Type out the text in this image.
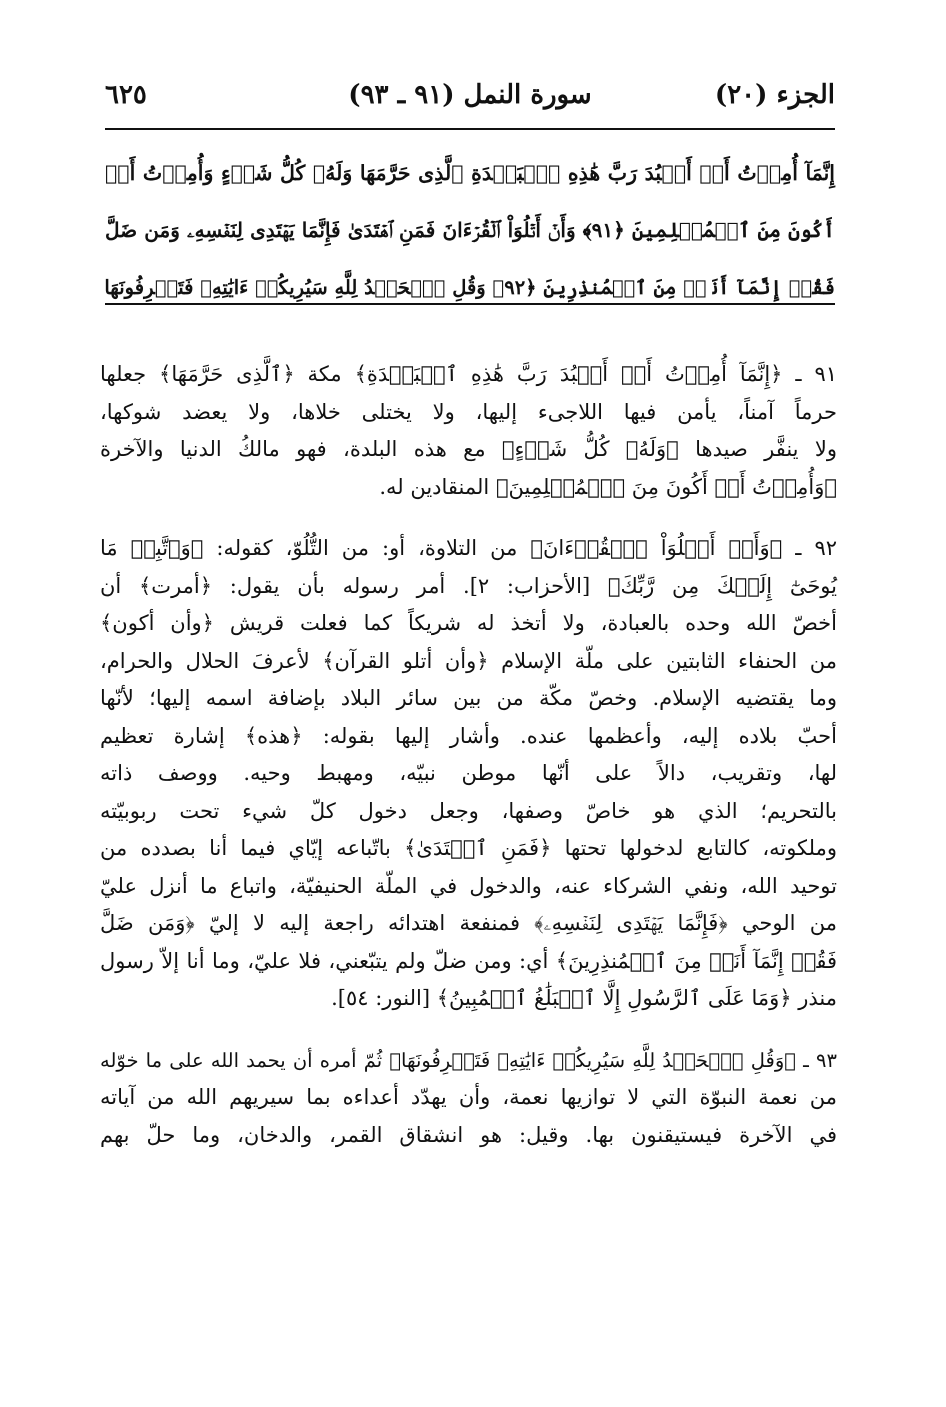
الجزء (٢٠)
سورة النمل (٩١ ـ ٩٣)
٦٢٥
إِنَّمَآ أُمِرۡتُ أَنۡ أَعۡبُدَ رَبَّ هَٰذِهِ ٱلۡبَلۡدَةِ ٱلَّذِى حَرَّمَهَا وَلَهُۥ كُلُّ شَىۡءٍ وَأُمِرۡتُ أَنۡ
أَكُونَ مِنَ ٱلۡمُسۡلِمِينَ ﴿٩١﴾ وَأَنۡ أَتۡلُوَاْ ٱلۡقُرۡءَانَ فَمَنِ ٱهۡتَدَىٰ فَإِنَّمَا يَهۡتَدِى لِنَفۡسِهِۦ وَمَن ضَلَّ
فَقُلۡ إِنَّمَآ أَنَا۠ مِنَ ٱلۡمُنذِرِينَ ﴿٩٢﴾ وَقُلِ ٱلۡحَمۡدُ لِلَّهِ سَيُرِيكُمۡ ءَايَٰتِهِۦ فَتَعۡرِفُونَهَا
٩١ ـ ﴿إِنَّمَآ أُمِرۡتُ أَنۡ أَعۡبُدَ رَبَّ هَٰذِهِ ٱلۡبَلۡدَةِ﴾ مكة ﴿ٱلَّذِى حَرَّمَهَا﴾ جعلها
حرماً آمناً، يأمن فيها اللاجىء إليها، ولا يختلى خلاها، ولا يعضد شوكها،
ولا ينفَّر صيدها ﴿وَلَهُۥ كُلُّ شَىۡءٍ﴾ مع هذه البلدة، فهو مالكُ الدنيا والآخرة
﴿وَأُمِرۡتُ أَنۡ أَكُونَ مِنَ ٱلۡمُسۡلِمِينَ﴾ المنقادين له.
٩٢ ـ ﴿وَأَنۡ أَتۡلُوَاْ ٱلۡقُرۡءَانَ﴾ من التلاوة، أو: من التُّلُوّ، كقوله: ﴿وَٱتَّبِعۡ مَا
يُوحَىٰٓ إِلَيۡكَ مِن رَّبِّكَ﴾ [الأحزاب: ٢]. أمر رسوله بأن يقول: ﴿أمرت﴾ أن
أخصّ الله وحده بالعبادة، ولا أتخذ له شريكاً كما فعلت قريش ﴿وأن أكون﴾
من الحنفاء الثابتين على ملّة الإسلام ﴿وأن أتلو القرآن﴾ لأعرفَ الحلال والحرام،
وما يقتضيه الإسلام. وخصّ مكّة من بين سائر البلاد بإضافة اسمه إليها؛ لأنّها
أحبّ بلاده إليه، وأعظمها عنده. وأشار إليها بقوله: ﴿هذه﴾ إشارة تعظيم
لها، وتقريب، دالاً على أنّها موطن نبيّه، ومهبط وحيه. ووصف ذاته
بالتحريم؛ الذي هو خاصّ وصفها، وجعل دخول كلّ شيء تحت ربوبيّته
وملكوته، كالتابع لدخولها تحتها ﴿فَمَنِ ٱهۡتَدَىٰ﴾ باتّباعه إيّاي فيما أنا بصدده من
توحيد الله، ونفي الشركاء عنه، والدخول في الملّة الحنيفيّة، واتباع ما أنزل عليّ
من الوحي ﴿فَإِنَّمَا يَهۡتَدِى لِنَفۡسِهِۦ﴾ فمنفعة اهتدائه راجعة إليه لا إليّ ﴿وَمَن ضَلَّ
فَقُلۡ إِنَّمَآ أَنَا۠ مِنَ ٱلۡمُنذِرِينَ﴾ أي: ومن ضلّ ولم يتبّعني، فلا عليّ، وما أنا إلاّ رسول
منذر ﴿وَمَا عَلَى ٱلرَّسُولِ إِلَّا ٱلۡبَلَٰغُ ٱلۡمُبِينُ﴾ [النور: ٥٤].
٩٣ ـ ﴿وَقُلِ ٱلۡحَمۡدُ لِلَّهِ سَيُرِيكُمۡ ءَايَٰتِهِۦ فَتَعۡرِفُونَهَا﴾ ثُمّ أمره أن يحمد الله على ما خوّله
من نعمة النبوّة التي لا توازيها نعمة، وأن يهدّد أعداءه بما سيريهم الله من آياته
في الآخرة فيستيقنون بها. وقيل: هو انشقاق القمر، والدخان، وما حلّ بهم
